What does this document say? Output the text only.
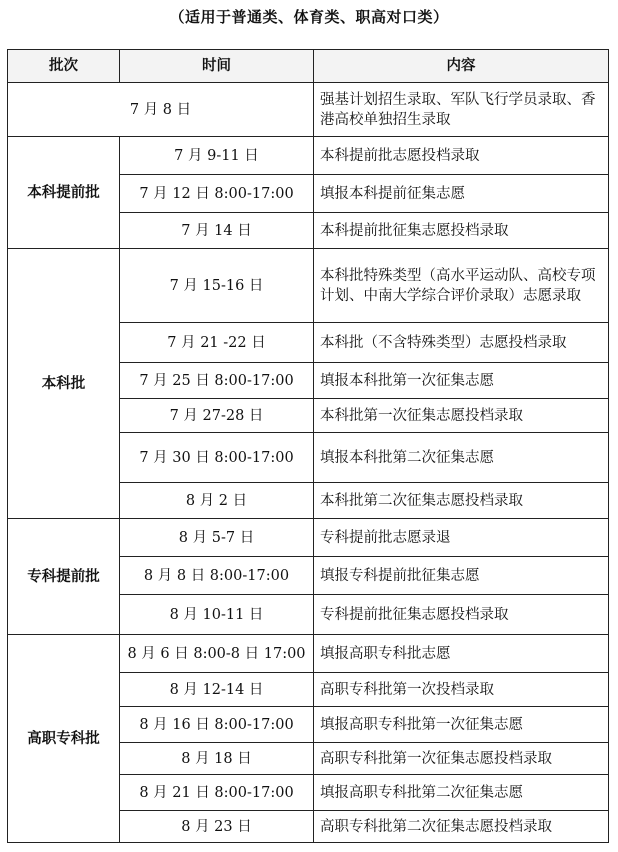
（适用于普通类、体育类、职高对口类）
批次	时间	内容
7 月 8 日		强基计划招生录取、军队飞行学员录取、香港高校单独招生录取
本科提前批	7 月 9-11 日	本科提前批志愿投档录取
	7 月 12 日 8:00-17:00	填报本科提前征集志愿
	7 月 14 日	本科提前批征集志愿投档录取
本科批	7 月 15-16 日	本科批特殊类型（高水平运动队、高校专项计划、中南大学综合评价录取）志愿录取
	7 月 21 -22 日	本科批（不含特殊类型）志愿投档录取
	7 月 25 日 8:00-17:00	填报本科批第一次征集志愿
	7 月 27-28 日	本科批第一次征集志愿投档录取
	7 月 30 日 8:00-17:00	填报本科批第二次征集志愿
	8 月 2 日	本科批第二次征集志愿投档录取
专科提前批	8 月 5-7 日	专科提前批志愿录退
	8 月 8 日 8:00-17:00	填报专科提前批征集志愿
	8 月 10-11 日	专科提前批征集志愿投档录取
高职专科批	8 月 6 日 8:00-8 日 17:00	填报高职专科批志愿
	8 月 12-14 日	高职专科批第一次投档录取
	8 月 16 日 8:00-17:00	填报高职专科批第一次征集志愿
	8 月 18 日	高职专科批第一次征集志愿投档录取
	8 月 21 日 8:00-17:00	填报高职专科批第二次征集志愿
	8 月 23 日	高职专科批第二次征集志愿投档录取
